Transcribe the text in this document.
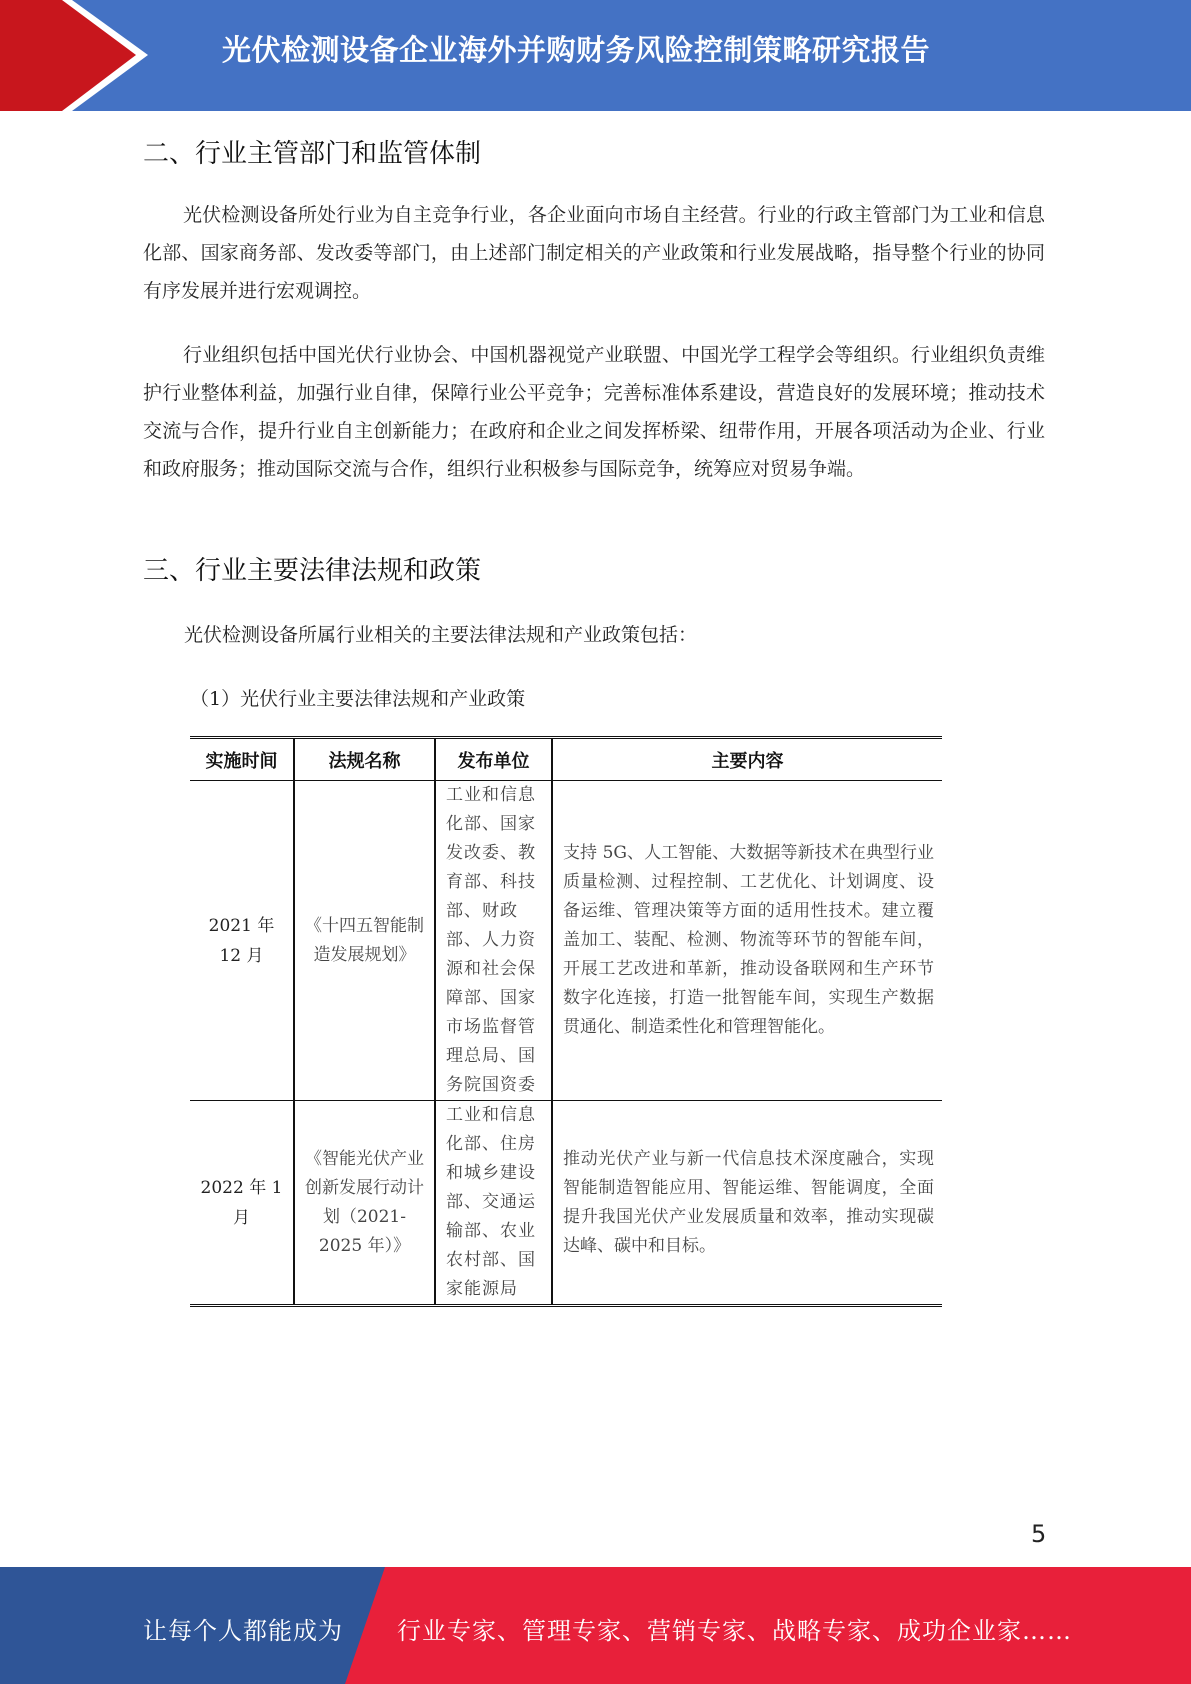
光伏检测设备企业海外并购财务风险控制策略研究报告
二、行业主管部门和监管体制

光伏检测设备所处行业为自主竞争行业，各企业面向市场自主经营。行业的行政主管部门为工业和信息化部、国家商务部、发改委等部门，由上述部门制定相关的产业政策和行业发展战略，指导整个行业的协同有序发展并进行宏观调控。

行业组织包括中国光伏行业协会、中国机器视觉产业联盟、中国光学工程学会等组织。行业组织负责维护行业整体利益，加强行业自律，保障行业公平竞争；完善标准体系建设，营造良好的发展环境；推动技术交流与合作，提升行业自主创新能力；在政府和企业之间发挥桥梁、纽带作用，开展各项活动为企业、行业和政府服务；推动国际交流与合作，组织行业积极参与国际竞争，统筹应对贸易争端。

三、行业主要法律法规和政策
光伏检测设备所属行业相关的主要法律法规和产业政策包括：
（1）光伏行业主要法律法规和产业政策
实施时间	法规名称	发布单位	主要内容
2021 年 12 月	《十四五智能制造发展规划》	工业和信息化部、国家发改委、教育部、科技部、财政部、人力资源和社会保障部、国家市场监督管理总局、国务院国资委	支持 5G、人工智能、大数据等新技术在典型行业质量检测、过程控制、工艺优化、计划调度、设备运维、管理决策等方面的适用性技术。建立覆盖加工、装配、检测、物流等环节的智能车间，开展工艺改进和革新，推动设备联网和生产环节数字化连接，打造一批智能车间，实现生产数据贯通化、制造柔性化和管理智能化。
2022 年 1 月	《智能光伏产业创新发展行动计划（2021-2025 年）》	工业和信息化部、住房和城乡建设部、交通运输部、农业农村部、国家能源局	推动光伏产业与新一代信息技术深度融合，实现智能制造智能应用、智能运维、智能调度，全面提升我国光伏产业发展质量和效率，推动实现碳达峰、碳中和目标。
5
让每个人都能成为 行业专家、管理专家、营销专家、战略专家、成功企业家……
